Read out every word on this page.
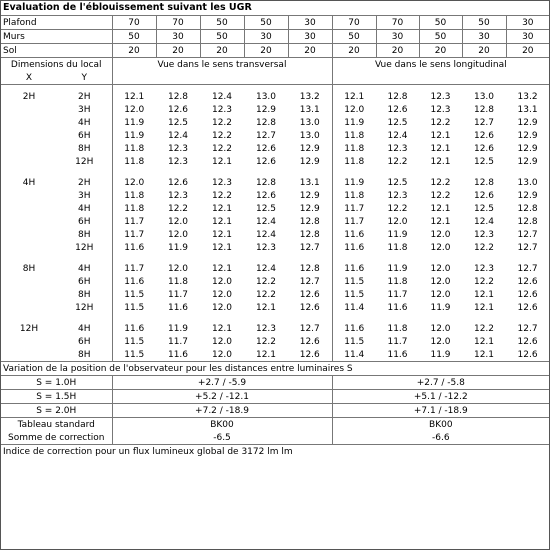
Evaluation de l'éblouissement suivant les UGR											
Plafond		70	70	50	50	30	70	70	50	50	30
Murs		50	30	50	30	30	50	30	50	30	30
Sol		20	20	20	20	20	20	20	20	20	20
Dimensions du local		Vue dans le sens transversal					Vue dans le sens longitudinal				
X	Y										

2H	2H	12.1	12.8	12.4	13.0	13.2	12.1	12.8	12.3	13.0	13.2
	3H	12.0	12.6	12.3	12.9	13.1	12.0	12.6	12.3	12.8	13.1
	4H	11.9	12.5	12.2	12.8	13.0	11.9	12.5	12.2	12.7	12.9
	6H	11.9	12.4	12.2	12.7	13.0	11.8	12.4	12.1	12.6	12.9
	8H	11.8	12.3	12.2	12.6	12.9	11.8	12.3	12.1	12.6	12.9
	12H	11.8	12.3	12.1	12.6	12.9	11.8	12.2	12.1	12.5	12.9

4H	2H	12.0	12.6	12.3	12.8	13.1	11.9	12.5	12.2	12.8	13.0
	3H	11.8	12.3	12.2	12.6	12.9	11.8	12.3	12.2	12.6	12.9
	4H	11.8	12.2	12.1	12.5	12.9	11.7	12.2	12.1	12.5	12.8
	6H	11.7	12.0	12.1	12.4	12.8	11.7	12.0	12.1	12.4	12.8
	8H	11.7	12.0	12.1	12.4	12.8	11.6	11.9	12.0	12.3	12.7
	12H	11.6	11.9	12.1	12.3	12.7	11.6	11.8	12.0	12.2	12.7

8H	4H	11.7	12.0	12.1	12.4	12.8	11.6	11.9	12.0	12.3	12.7
	6H	11.6	11.8	12.0	12.2	12.7	11.5	11.8	12.0	12.2	12.6
	8H	11.5	11.7	12.0	12.2	12.6	11.5	11.7	12.0	12.1	12.6
	12H	11.5	11.6	12.0	12.1	12.6	11.4	11.6	11.9	12.1	12.6

12H	4H	11.6	11.9	12.1	12.3	12.7	11.6	11.8	12.0	12.2	12.7
	6H	11.5	11.7	12.0	12.2	12.6	11.5	11.7	12.0	12.1	12.6
	8H	11.5	11.6	12.0	12.1	12.6	11.4	11.6	11.9	12.1	12.6
Variation de la position de l'observateur pour les distances entre luminaires S											
S = 1.0H		+2.7 / -5.9					+2.7 / -5.8				
S = 1.5H		+5.2 / -12.1					+5.1 / -12.2				
S = 2.0H		+7.2 / -18.9					+7.1 / -18.9				
Tableau standard		BK00					BK00				
Somme de correction		-6.5					-6.6				
Indice de correction pour un flux lumineux global de 3172 lm lm											
